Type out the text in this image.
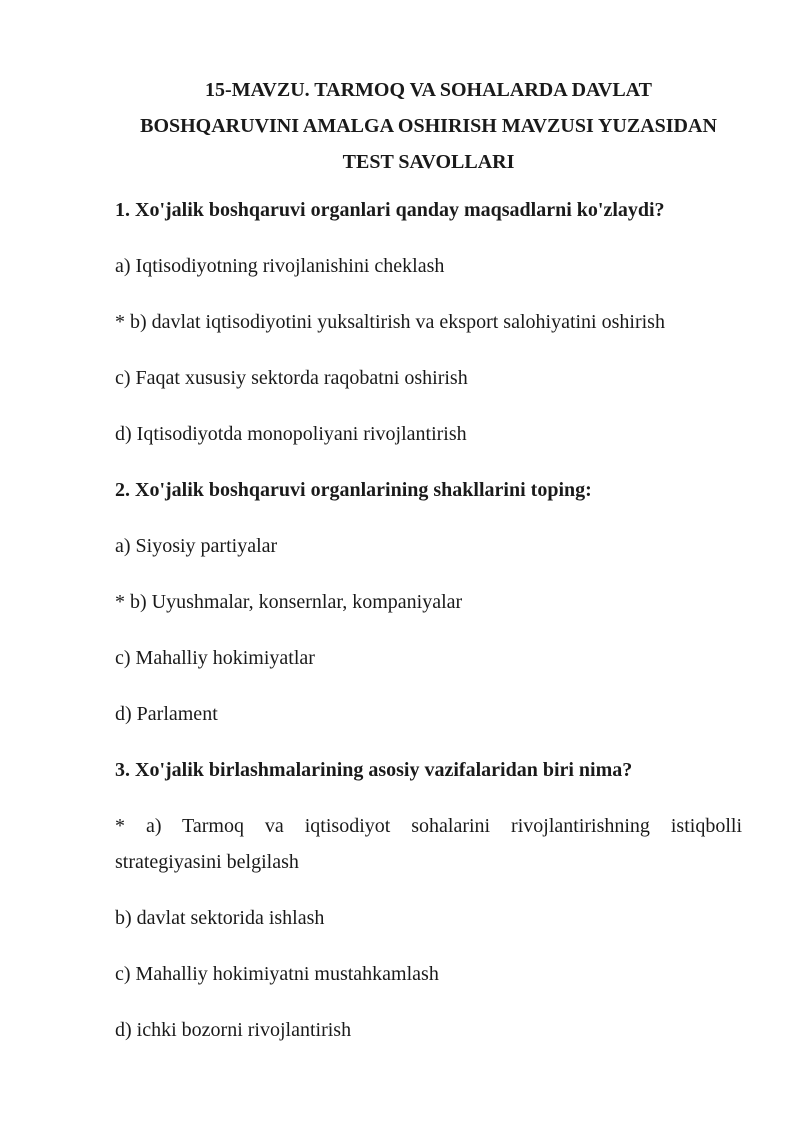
15-MAVZU. TARMOQ VA SOHALARDA DAVLAT
BOSHQARUVINI AMALGA OSHIRISH MAVZUSI YUZASIDAN
TEST SAVOLLARI
1. Xo'jalik boshqaruvi organlari qanday maqsadlarni ko'zlaydi?
a) Iqtisodiyotning rivojlanishini cheklash
* b) davlat iqtisodiyotini yuksaltirish va eksport salohiyatini oshirish
c) Faqat xususiy sektorda raqobatni oshirish
d) Iqtisodiyotda monopoliyani rivojlantirish
2. Xo'jalik boshqaruvi organlarining shakllarini toping:
a) Siyosiy partiyalar
* b) Uyushmalar, konsernlar, kompaniyalar
c) Mahalliy hokimiyatlar
d) Parlament
3. Xo'jalik birlashmalarining asosiy vazifalaridan biri nima?
* a) Tarmoq va iqtisodiyot sohalarini rivojlantirishning istiqbolli
strategiyasini belgilash
b) davlat sektorida ishlash
c) Mahalliy hokimiyatni mustahkamlash
d) ichki bozorni rivojlantirish
